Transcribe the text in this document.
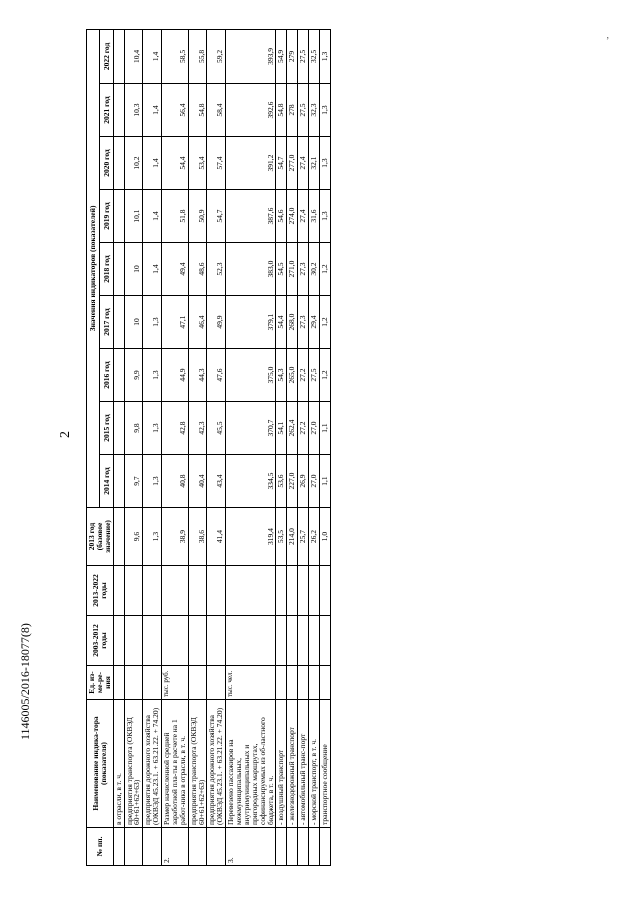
2
1146005/2016-18077(8)
’
№ пп.	Наименование индика-тора (показателя)	Ед. из-ме-ре-ния	2003-2012 годы	2013-2022 годы	2013 год (базовое значение)	Значения индикаторов (показателей)								
						2014 год	2015 год	2016 год	2017 год	2018 год	2019 год	2020 год	2021 год	2022 год
	в отрасли, в т. ч.													
	предприятия транспорта (ОКВЭД 60+61+62+63)				9,6	9,7	9,8	9,9	10	10	10,1	10,2	10,3	10,4
	предприятия дорожного хозяйства (ОКВЭД 45.23.1. + 63.21.22. + 74.20)				1,3	1,3	1,3	1,3	1,3	1,4	1,4	1,4	1,4	1,4
2.	Размер начисленной средней заработной пла-ты в расчете на 1 работ-ника в отрасли, в т. ч.	тыс. руб.			38,9	40,8	42,8	44,9	47,1	49,4	51,8	54,4	56,4	58,5
	предприятия транспорта (ОКВЭД 60+61+62+63)				38,6	40,4	42,3	44,3	46,4	48,6	50,9	53,4	54,8	55,8
	предприятия дорожного хозяйства (ОКВЭД 45.23.1. + 63.21.22. + 74.20)				41,4	43,4	45,5	47,6	49,9	52,3	54,7	57,4	58,4	59,2
3.	Перевезено пассажиров на межмуниципальных, внутримуниципальных и пригородных маршрутах, софинансируемых из об-ластного бюджета, в т. ч.	тыс. чел.			319,4	334,5	370,7	375,0	379,1	383,0	387,6	391,2	392,6	393,9
	- воздушный транспорт				53,5	53,6	54,1	54,3	54,4	54,5	54,6	54,7	54,8	54,9
	- железнодорожный транспорт				214,0	227,0	262,4	265,0	268,0	271,0	274,0	277,0	278	279
	- автомобильный транс-порт				25,7	26,9	27,2	27,2	27,3	27,3	27,4	27,4	27,5	27,5
	- морской транспорт, в т. ч.				26,2	27,0	27,0	27,5	29,4	30,2	31,6	32,1	32,3	32,5
	транспортное сообщение				1,0	1,1	1,1	1,2	1,2	1,2	1,3	1,3	1,3	1,3
